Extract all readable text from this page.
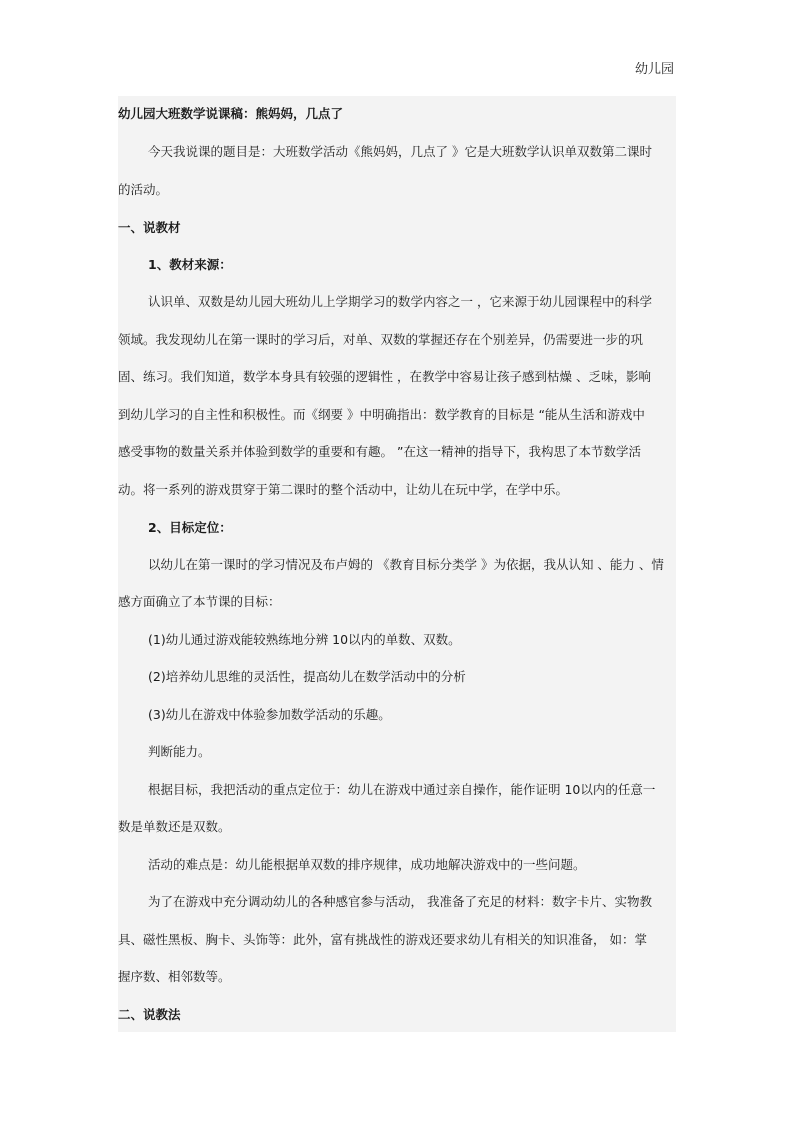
幼儿园
幼儿园大班数学说课稿：熊妈妈，几点了
今天我说课的题目是：大班数学活动《熊妈妈，几点了 》它是大班数学认识单双数第二课时
的活动。
一、说教材
1、教材来源：
认识单、双数是幼儿园大班幼儿上学期学习的数学内容之一 ，它来源于幼儿园课程中的科学
领域。我发现幼儿在第一课时的学习后，对单、双数的掌握还存在个别差异，仍需要进一步的巩
固、练习。我们知道，数学本身具有较强的逻辑性 ，在教学中容易让孩子感到枯燥 、乏味，影响
到幼儿学习的自主性和积极性。而《纲要 》中明确指出：数学教育的目标是 “能从生活和游戏中
感受事物的数量关系并体验到数学的重要和有趣。 ”在这一精神的指导下，我构思了本节数学活
动。将一系列的游戏贯穿于第二课时的整个活动中，让幼儿在玩中学，在学中乐。
2、目标定位：
以幼儿在第一课时的学习情况及布卢姆的 《教育目标分类学 》为依据，我从认知 、能力 、情
感方面确立了本节课的目标：
(1)幼儿通过游戏能较熟练地分辨 10以内的单数、双数。
(2)培养幼儿思维的灵活性，提高幼儿在数学活动中的分析
(3)幼儿在游戏中体验参加数学活动的乐趣。
判断能力。
根据目标，我把活动的重点定位于：幼儿在游戏中通过亲自操作，能作证明 10以内的任意一
数是单数还是双数。
活动的难点是：幼儿能根据单双数的排序规律，成功地解决游戏中的一些问题。
为了在游戏中充分调动幼儿的各种感官参与活动， 我准备了充足的材料：数字卡片、实物教
具、磁性黑板、胸卡、头饰等：此外，富有挑战性的游戏还要求幼儿有相关的知识准备， 如：掌
握序数、相邻数等。
二、说教法
